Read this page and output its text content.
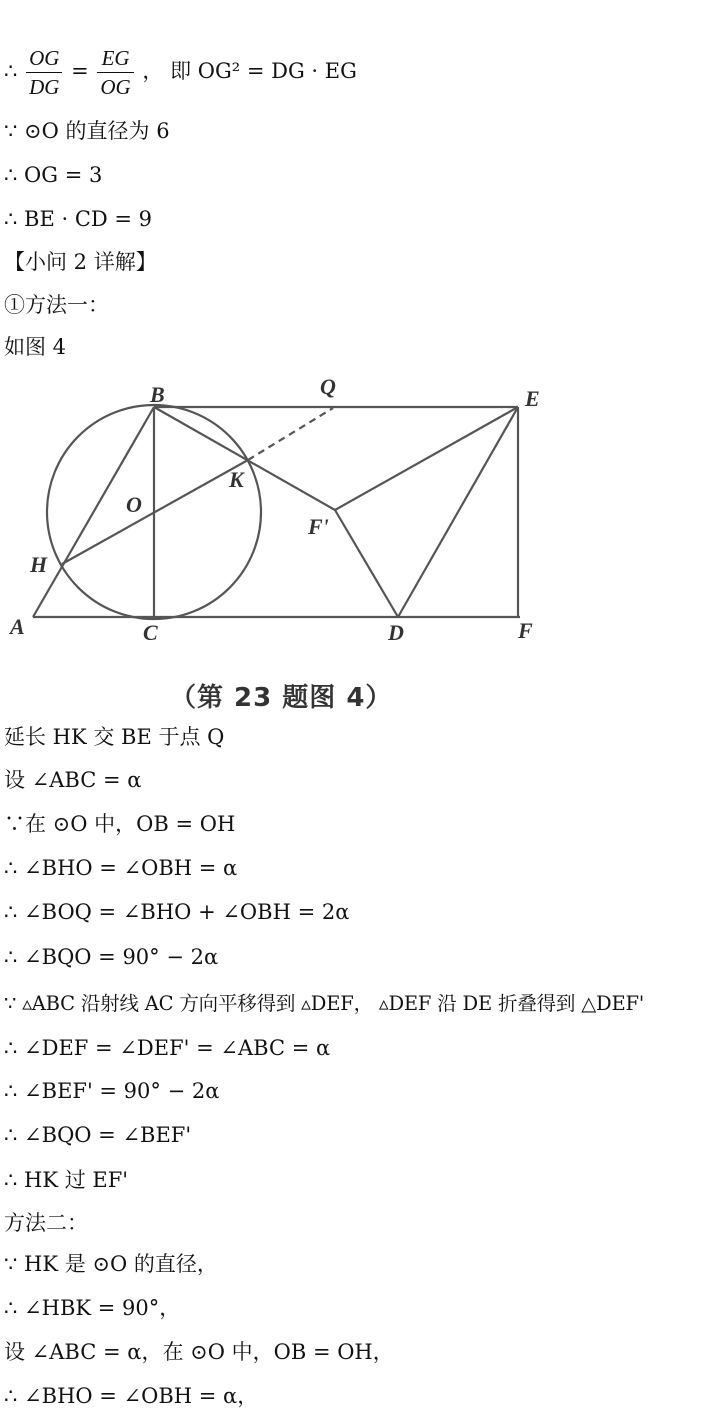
∴ $\frac{OG}{DG} = \frac{EG}{OG}$ ， 即 OG² = DG · EG
∵ ⊙O 的直径为 6
∴ OG = 3
∴ BE · CD = 9
【小问 2 详解】
①方法一：
如图 4
B	Q	E
K
O
F'
H
A	C	D	F
（第 23 题图 4）
延长 HK 交 BE 于点 Q
设 ∠ABC = α
∵在 ⊙O 中，OB = OH
∴ ∠BHO = ∠OBH = α
∴ ∠BOQ = ∠BHO + ∠OBH = 2α
∴ ∠BQO = 90° − 2α
∵ ▵ABC 沿射线 AC 方向平移得到 ▵DEF， ▵DEF 沿 DE 折叠得到 △DEF'
∴ ∠DEF = ∠DEF' = ∠ABC = α
∴ ∠BEF' = 90° − 2α
∴ ∠BQO = ∠BEF'
∴ HK 过 EF'
方法二：
∵ HK 是 ⊙O 的直径，
∴ ∠HBK = 90°，
设 ∠ABC = α，在 ⊙O 中，OB = OH，
∴ ∠BHO = ∠OBH = α，
